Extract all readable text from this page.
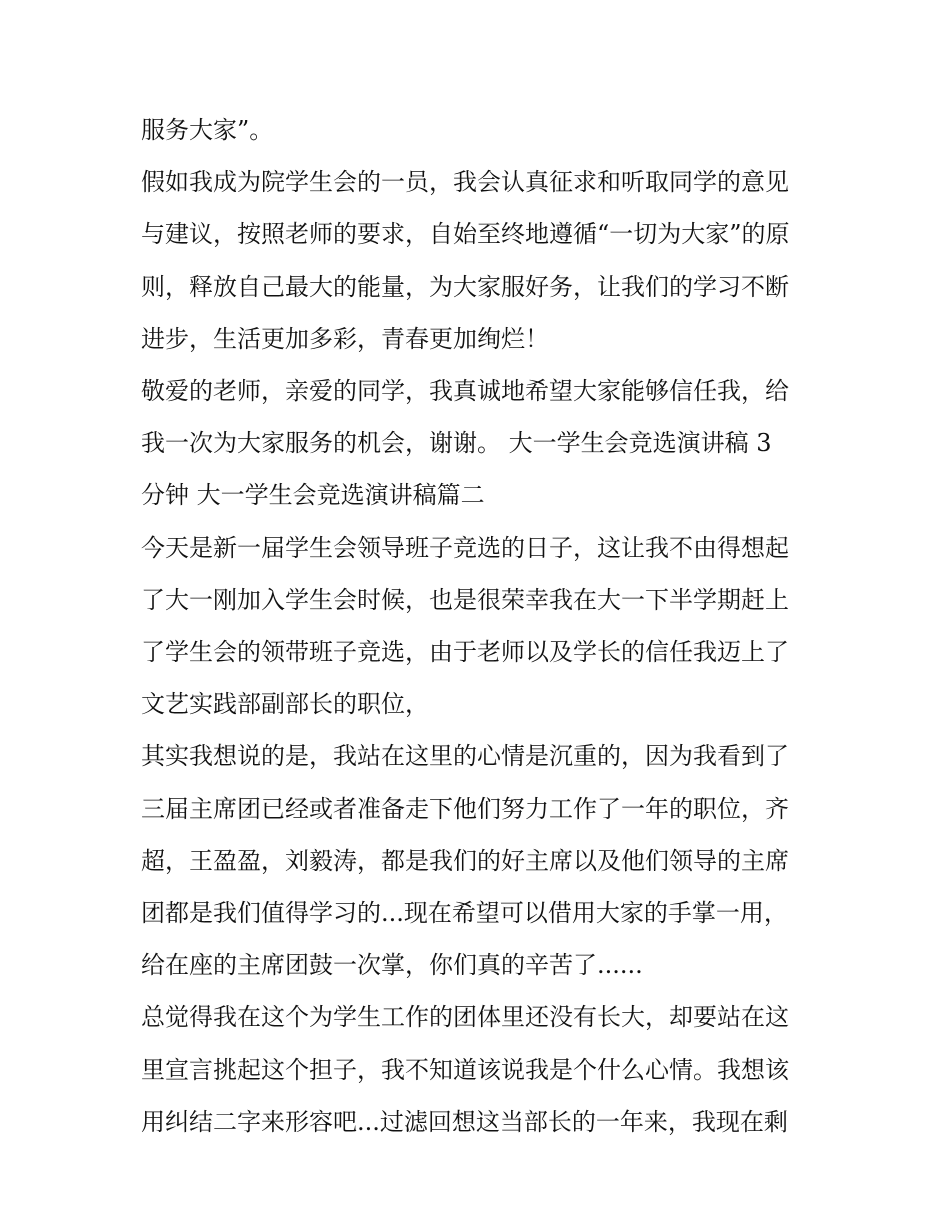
服务大家”。

假如我成为院学生会的一员，我会认真征求和听取同学的意见

与建议，按照老师的要求，自始至终地遵循“一切为大家”的原

则，释放自己最大的能量，为大家服好务，让我们的学习不断

进步，生活更加多彩，青春更加绚烂！

敬爱的老师，亲爱的同学，我真诚地希望大家能够信任我，给

我一次为大家服务的机会，谢谢。 大一学生会竞选演讲稿 3

分钟 大一学生会竞选演讲稿篇二

今天是新一届学生会领导班子竞选的日子，这让我不由得想起

了大一刚加入学生会时候，也是很荣幸我在大一下半学期赶上

了学生会的领带班子竞选，由于老师以及学长的信任我迈上了

文艺实践部副部长的职位，

其实我想说的是，我站在这里的心情是沉重的，因为我看到了

三届主席团已经或者准备走下他们努力工作了一年的职位，齐

超，王盈盈，刘毅涛，都是我们的好主席以及他们领导的主席

团都是我们值得学习的...现在希望可以借用大家的手掌一用，

给在座的主席团鼓一次掌，你们真的辛苦了......

总觉得我在这个为学生工作的团体里还没有长大，却要站在这

里宣言挑起这个担子，我不知道该说我是个什么心情。我想该

用纠结二字来形容吧...过滤回想这当部长的一年来，我现在剩
